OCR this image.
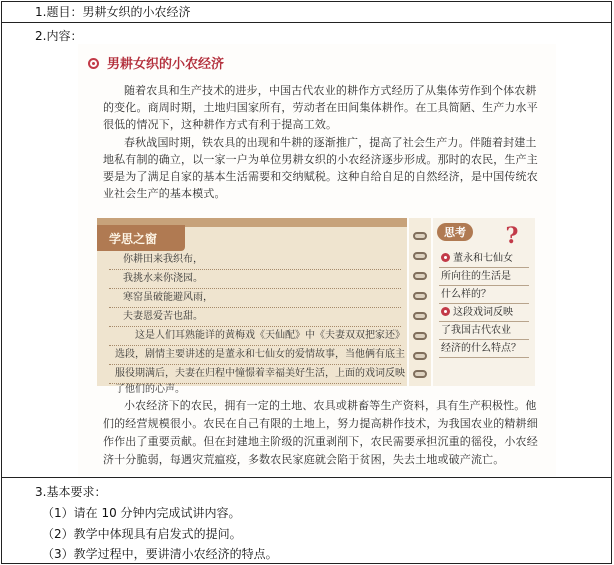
1.题目：男耕女织的小农经济
2.内容：
男耕女织的小农经济
随着农具和生产技术的进步，中国古代农业的耕作方式经历了从集体劳作到个体农耕
的变化。商周时期，土地归国家所有，劳动者在田间集体耕作。在工具简陋、生产力水平
很低的情况下，这种耕作方式有利于提高工效。
春秋战国时期，铁农具的出现和牛耕的逐渐推广，提高了社会生产力。伴随着封建土
地私有制的确立，以一家一户为单位男耕女织的小农经济逐步形成。那时的农民，生产主
要是为了满足自家的基本生活需要和交纳赋税。这种自给自足的自然经济，是中国传统农
业社会生产的基本模式。
学思之窗
你耕田来我织布，
我挑水来你浇园。
寒窑虽破能避风雨，
夫妻恩爱苦也甜。
这是人们耳熟能详的黄梅戏《天仙配》中《夫妻双双把家还》
选段，剧情主要讲述的是董永和七仙女的爱情故事，当他俩有底主
服役期满后，夫妻在归程中憧憬着幸福美好生活，上面的戏词反映
了他们的心声。
思考 ?
董永和七仙女
所向往的生活是
什么样的？
这段戏词反映
了我国古代农业
经济的什么特点？
小农经济下的农民，拥有一定的土地、农具或耕畜等生产资料，具有生产积极性。他
们的经营规模很小。农民在自己有限的土地上，努力提高耕作技术，为我国农业的精耕细
作作出了重要贡献。但在封建地主阶级的沉重剥削下，农民需要承担沉重的徭役，小农经
济十分脆弱，每遇灾荒瘟疫，多数农民家庭就会陷于贫困，失去土地或破产流亡。
3.基本要求：
（1）请在 10 分钟内完成试讲内容。
（2）教学中体现具有启发式的提问。
（3）教学过程中，要讲清小农经济的特点。
